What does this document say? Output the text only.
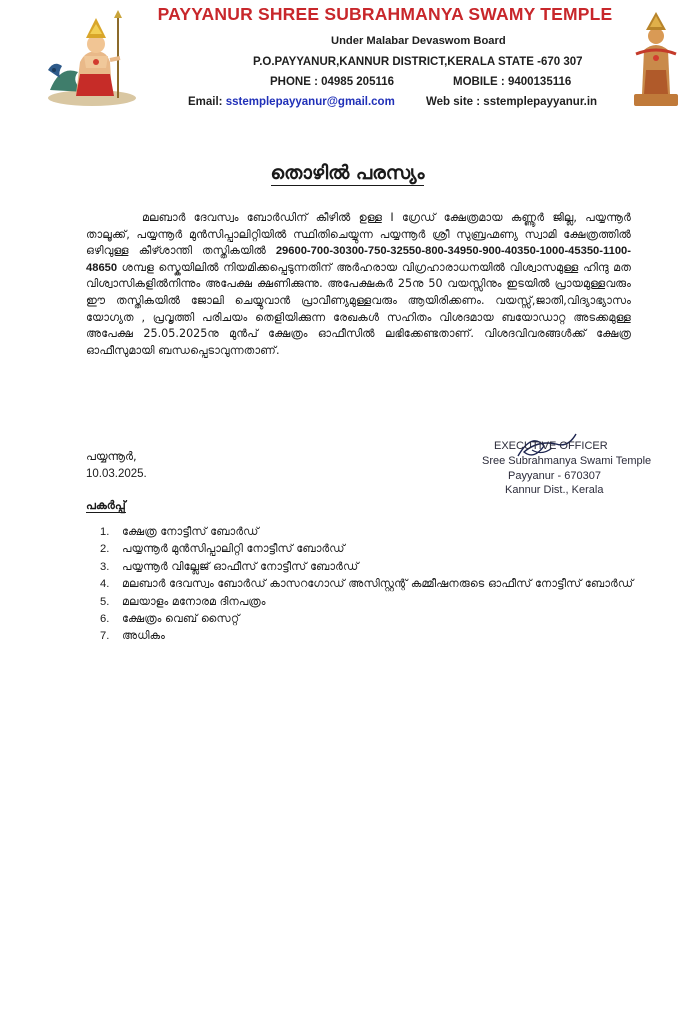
PAYYANUR SHREE SUBRAHMANYA SWAMY TEMPLE
Under Malabar Devaswom Board
P.O.PAYYANUR,KANNUR DISTRICT,KERALA STATE -670 307
PHONE : 04985 205116	MOBILE : 9400135116
Email: sstemplepayyanur@gmail.com	Web site : sstemplepayyanur.in
തൊഴിൽ പരസ്യം
മലബാർ ദേവസ്വം ബോർഡിന് കീഴിൽ ഉള്ള I ഗ്രേഡ് ക്ഷേത്രമായ കണ്ണൂർ ജില്ല, പയ്യന്നൂർ താലൂക്ക്, പയ്യന്നൂർ മുൻസിപ്പാലിറ്റിയിൽ സ്ഥിതിചെയ്യുന്ന പയ്യന്നൂർ ശ്രീ സുബ്രഹ്മണ്യ സ്വാമി ക്ഷേത്രത്തിൽ ഒഴിവുള്ള കീഴ്ശാന്തി തസ്തികയിൽ 29600-700-30300-750-32550-800-34950-900-40350-1000-45350-1100-48650 ശമ്പള സ്കെയിലിൽ നിയമിക്കപ്പെടുന്നതിന് അർഹരായ വിഗ്രഹാരാധനയിൽ വിശ്വാസമുള്ള ഹിന്ദു മത വിശ്വാസികളിൽനിന്നും അപേക്ഷ ക്ഷണിക്കുന്നു. അപേക്ഷകർ 25നു 50 വയസ്സിനും ഇടയിൽ പ്രായമുള്ളവരും ഈ തസ്തികയിൽ ജോലി ചെയ്യുവാൻ പ്രാവീണ്യമുള്ളവരും ആയിരിക്കണം. വയസ്സ്,ജാതി,വിദ്യാഭ്യാസം യോഗ്യത , പ്രവൃത്തി പരിചയം തെളിയിക്കുന്ന രേഖകൾ സഹിതം വിശദമായ ബയോഡാറ്റ അടക്കമുള്ള അപേക്ഷ 25.05.2025നു മുൻപ് ക്ഷേത്രം ഓഫീസിൽ ലഭിക്കേണ്ടതാണ്. വിശദവിവരങ്ങൾക്ക് ക്ഷേത്ര ഓഫീസുമായി ബന്ധപ്പെടാവുന്നതാണ്.
പയ്യന്നൂർ,
10.03.2025.
EXECUTIVE OFFICER
Sree Subrahmanya Swami Temple
Payyanur - 670307
Kannur Dist., Kerala
പകർപ്പ്
1. ക്ഷേത്ര നോട്ടീസ് ബോർഡ്
2. പയ്യന്നൂർ മുൻസിപ്പാലിറ്റി നോട്ടീസ് ബോർഡ്
3. പയ്യന്നൂർ വില്ലേജ് ഓഫീസ് നോട്ടീസ് ബോർഡ്
4. മലബാർ ദേവസ്വം ബോർഡ് കാസറഗോഡ് അസിസ്റ്റന്റ് കമ്മീഷനരുടെ ഓഫീസ് നോട്ടീസ് ബോർഡ്
5. മലയാളം മനോരമ ദിനപത്രം
6. ക്ഷേത്രം വെബ് സൈറ്റ്
7. അധികം
